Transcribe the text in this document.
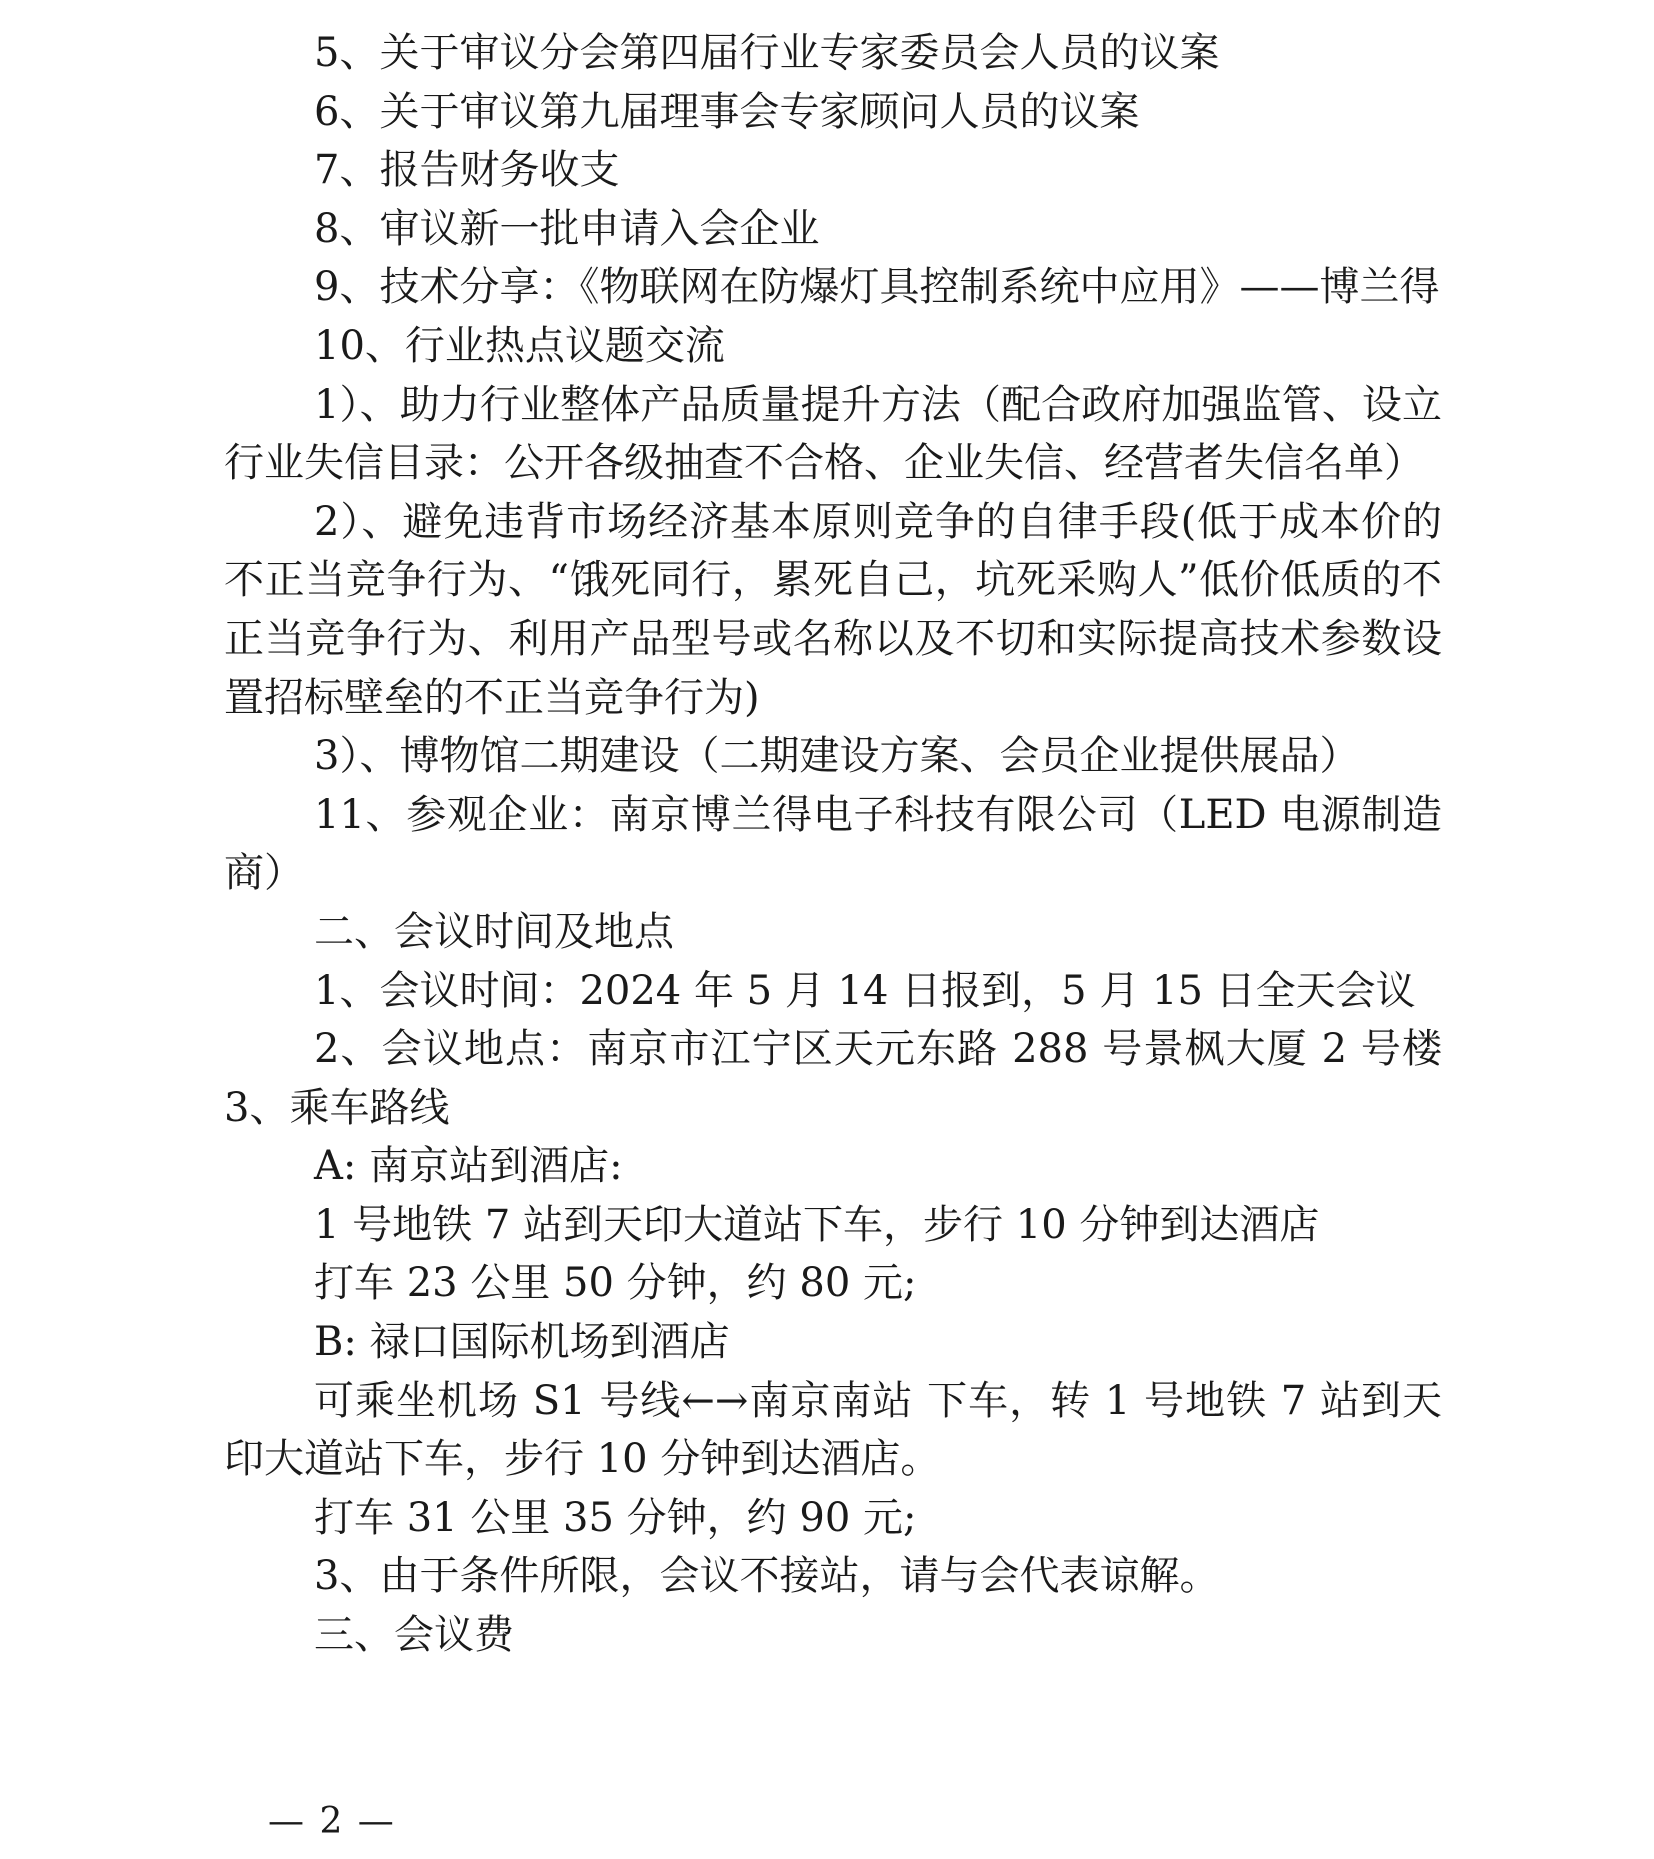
5、关于审议分会第四届行业专家委员会人员的议案

6、关于审议第九届理事会专家顾问人员的议案

7、报告财务收支

8、审议新一批申请入会企业

9、技术分享：《物联网在防爆灯具控制系统中应用》——博兰得

10、行业热点议题交流

1）、助力行业整体产品质量提升方法（配合政府加强监管、设立行业失信目录：公开各级抽查不合格、企业失信、经营者失信名单）

2）、避免违背市场经济基本原则竞争的自律手段(低于成本价的不正当竞争行为、“饿死同行，累死自己，坑死采购人”低价低质的不正当竞争行为、利用产品型号或名称以及不切和实际提高技术参数设置招标壁垒的不正当竞争行为)

3）、博物馆二期建设（二期建设方案、会员企业提供展品）

11、参观企业：南京博兰得电子科技有限公司（LED 电源制造商）

二、会议时间及地点

1、会议时间：2024 年 5 月 14 日报到，5 月 15 日全天会议

2、会议地点：南京市江宁区天元东路 288 号景枫大厦 2 号楼 3、乘车路线

A: 南京站到酒店:

1 号地铁 7 站到天印大道站下车，步行 10 分钟到达酒店

打车 23 公里 50 分钟，约 80 元;

B: 禄口国际机场到酒店

可乘坐机场 S1 号线←→南京南站 下车，转 1 号地铁 7 站到天印大道站下车，步行 10 分钟到达酒店。

打车 31 公里 35 分钟，约 90 元;

3、由于条件所限，会议不接站，请与会代表谅解。

三、会议费

— 2 —
